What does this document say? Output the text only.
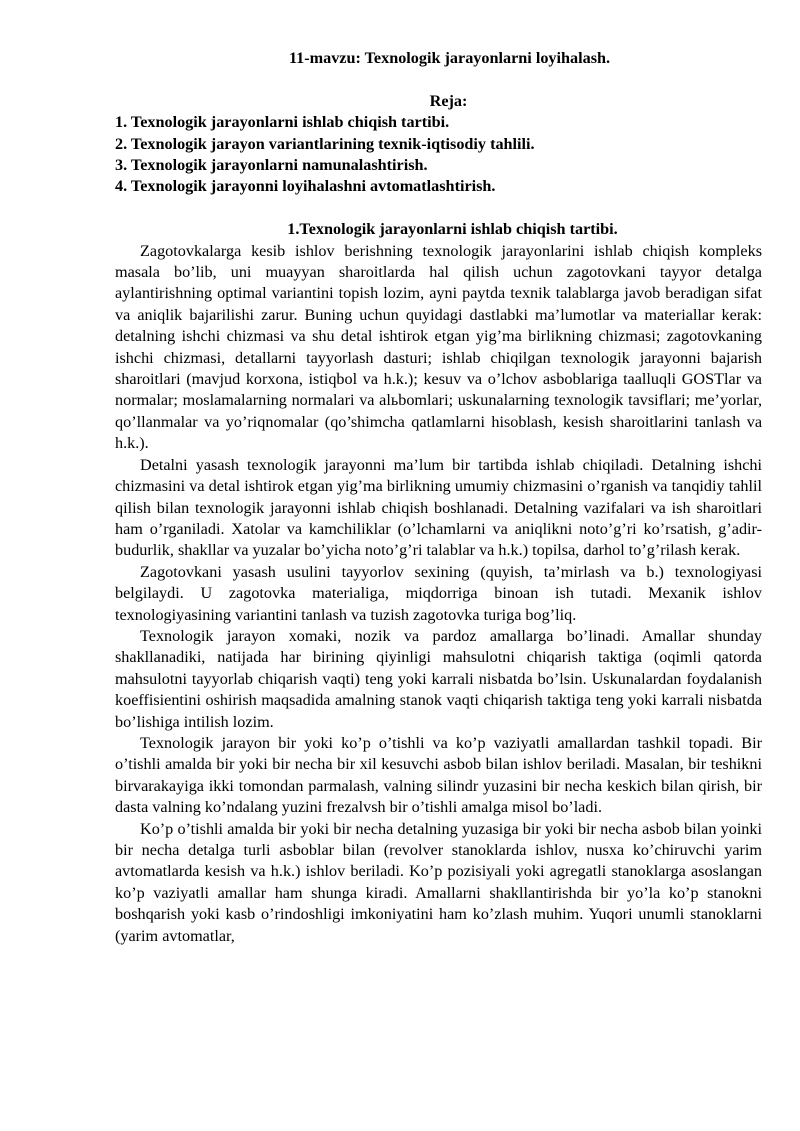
11-mavzu: Texnologik jarayonlarni loyihalash.

Reja:

1. Texnologik jarayonlarni ishlab chiqish tartibi.
2. Texnologik jarayon variantlarining texnik-iqtisodiy tahlili.
3. Texnologik jarayonlarni namunalashtirish.
4. Texnologik jarayonni loyihalashni avtomatlashtirish.

1.Texnologik jarayonlarni ishlab chiqish tartibi.

Zagotovkalarga kesib ishlov berishning texnologik jarayonlarini ishlab chiqish kompleks masala bo’lib, uni muayyan sharoitlarda hal qilish uchun zagotovkani tayyor detalga aylantirishning optimal variantini topish lozim, ayni paytda texnik talablarga javob beradigan sifat va aniqlik bajarilishi zarur. Buning uchun quyidagi dastlabki ma’lumotlar va materiallar kerak: detalning ishchi chizmasi va shu detal ishtirok etgan yig’ma birlikning chizmasi; zagotovkaning ishchi chizmasi, detallarni tayyorlash dasturi; ishlab chiqilgan texnologik jarayonni bajarish sharoitlari (mavjud korxona, istiqbol va h.k.); kesuv va o’lchov asboblariga taalluqli GOSTlar va normalar; moslamalarning normalari va alьbomlari; uskunalarning texnologik tavsiflari; me’yorlar, qo’llanmalar va yo’riqnomalar (qo’shimcha qatlamlarni hisoblash, kesish sharoitlarini tanlash va h.k.).

Detalni yasash texnologik jarayonni ma’lum bir tartibda ishlab chiqiladi. Detalning ishchi chizmasini va detal ishtirok etgan yig’ma birlikning umumiy chizmasini o’rganish va tanqidiy tahlil qilish bilan texnologik jarayonni ishlab chiqish boshlanadi. Detalning vazifalari va ish sharoitlari ham o’rganiladi. Xatolar va kamchiliklar (o’lchamlarni va aniqlikni noto’g’ri ko’rsatish, g’adir-budurlik, shakllar va yuzalar bo’yicha noto’g’ri talablar va h.k.) topilsa, darhol to’g’rilash kerak.

Zagotovkani yasash usulini tayyorlov sexining (quyish, ta’mirlash va b.) texnologiyasi belgilaydi. U zagotovka materialiga, miqdorriga binoan ish tutadi. Mexanik ishlov texnologiyasining variantini tanlash va tuzish zagotovka turiga bog’liq.

Texnologik jarayon xomaki, nozik va pardoz amallarga bo’linadi. Amallar shunday shakllanadiki, natijada har birining qiyinligi mahsulotni chiqarish taktiga (oqimli qatorda mahsulotni tayyorlab chiqarish vaqti) teng yoki karrali nisbatda bo’lsin. Uskunalardan foydalanish koeffisientini oshirish maqsadida amalning stanok vaqti chiqarish taktiga teng yoki karrali nisbatda bo’lishiga intilish lozim.

Texnologik jarayon bir yoki ko’p o’tishli va ko’p vaziyatli amallardan tashkil topadi. Bir o’tishli amalda bir yoki bir necha bir xil kesuvchi asbob bilan ishlov beriladi. Masalan, bir teshikni birvarakayiga ikki tomondan parmalash, valning silindr yuzasini bir necha keskich bilan qirish, bir dasta valning ko’ndalang yuzini frezalvsh bir o’tishli amalga misol bo’ladi.

Ko’p o’tishli amalda bir yoki bir necha detalning yuzasiga bir yoki bir necha asbob bilan yoinki bir necha detalga turli asboblar bilan (revolver stanoklarda ishlov, nusxa ko’chiruvchi yarim avtomatlarda kesish va h.k.) ishlov beriladi. Ko’p pozisiyali yoki agregatli stanoklarga asoslangan ko’p vaziyatli amallar ham shunga kiradi. Amallarni shakllantirishda bir yo’la ko’p stanokni boshqarish yoki kasb o’rindoshligi imkoniyatini ham ko’zlash muhim. Yuqori unumli stanoklarni (yarim avtomatlar,
